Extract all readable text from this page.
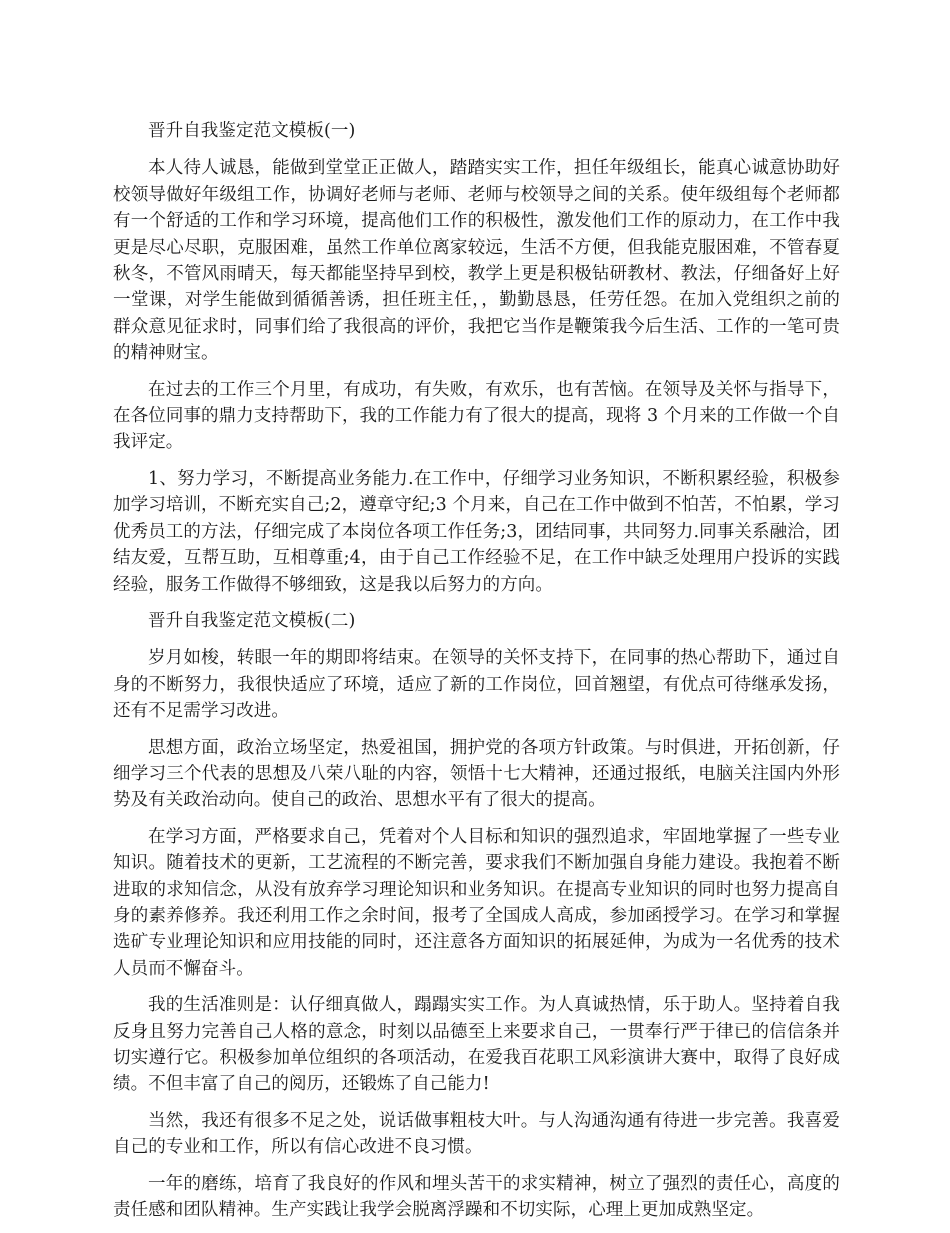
晋升自我鉴定范文模板(一)

本人待人诚恳，能做到堂堂正正做人，踏踏实实工作，担任年级组长，能真心诚意协助好校领导做好年级组工作，协调好老师与老师、老师与校领导之间的关系。使年级组每个老师都有一个舒适的工作和学习环境，提高他们工作的积极性，激发他们工作的原动力，在工作中我更是尽心尽职，克服困难，虽然工作单位离家较远，生活不方便，但我能克服困难，不管春夏秋冬，不管风雨晴天，每天都能坚持早到校，教学上更是积极钻研教材、教法，仔细备好上好一堂课，对学生能做到循循善诱，担任班主任，，勤勤恳恳，任劳任怨。在加入党组织之前的群众意见征求时，同事们给了我很高的评价，我把它当作是鞭策我今后生活、工作的一笔可贵的精神财宝。

在过去的工作三个月里，有成功，有失败，有欢乐，也有苦恼。在领导及关怀与指导下，在各位同事的鼎力支持帮助下，我的工作能力有了很大的提高，现将 3 个月来的工作做一个自我评定。

1、努力学习，不断提高业务能力.在工作中，仔细学习业务知识，不断积累经验，积极参加学习培训，不断充实自己;2，遵章守纪;3 个月来，自己在工作中做到不怕苦，不怕累，学习优秀员工的方法，仔细完成了本岗位各项工作任务;3，团结同事，共同努力.同事关系融洽，团结友爱，互帮互助，互相尊重;4，由于自己工作经验不足，在工作中缺乏处理用户投诉的实践经验，服务工作做得不够细致，这是我以后努力的方向。

晋升自我鉴定范文模板(二)

岁月如梭，转眼一年的期即将结束。在领导的关怀支持下，在同事的热心帮助下，通过自身的不断努力，我很快适应了环境，适应了新的工作岗位，回首翘望，有优点可待继承发扬，还有不足需学习改进。

思想方面，政治立场坚定，热爱祖国，拥护党的各项方针政策。与时俱进，开拓创新，仔细学习三个代表的思想及八荣八耻的内容，领悟十七大精神，还通过报纸，电脑关注国内外形势及有关政治动向。使自己的政治、思想水平有了很大的提高。

在学习方面，严格要求自己，凭着对个人目标和知识的强烈追求，牢固地掌握了一些专业知识。随着技术的更新，工艺流程的不断完善，要求我们不断加强自身能力建设。我抱着不断进取的求知信念，从没有放弃学习理论知识和业务知识。在提高专业知识的同时也努力提高自身的素养修养。我还利用工作之余时间，报考了全国成人高成，参加函授学习。在学习和掌握选矿专业理论知识和应用技能的同时，还注意各方面知识的拓展延伸，为成为一名优秀的技术人员而不懈奋斗。

我的生活准则是：认仔细真做人，蹋蹋实实工作。为人真诚热情，乐于助人。坚持着自我反身且努力完善自己人格的意念，时刻以品德至上来要求自己，一贯奉行严于律已的信信条并切实遵行它。积极参加单位组织的各项活动，在爱我百花职工风彩演讲大赛中，取得了良好成绩。不但丰富了自己的阅历，还锻炼了自己能力!

当然，我还有很多不足之处，说话做事粗枝大叶。与人沟通沟通有待进一步完善。我喜爱自己的专业和工作，所以有信心改进不良习惯。

一年的磨练，培育了我良好的作风和埋头苦干的求实精神，树立了强烈的责任心，高度的责任感和团队精神。生产实践让我学会脱离浮躁和不切实际，心理上更加成熟坚定。
